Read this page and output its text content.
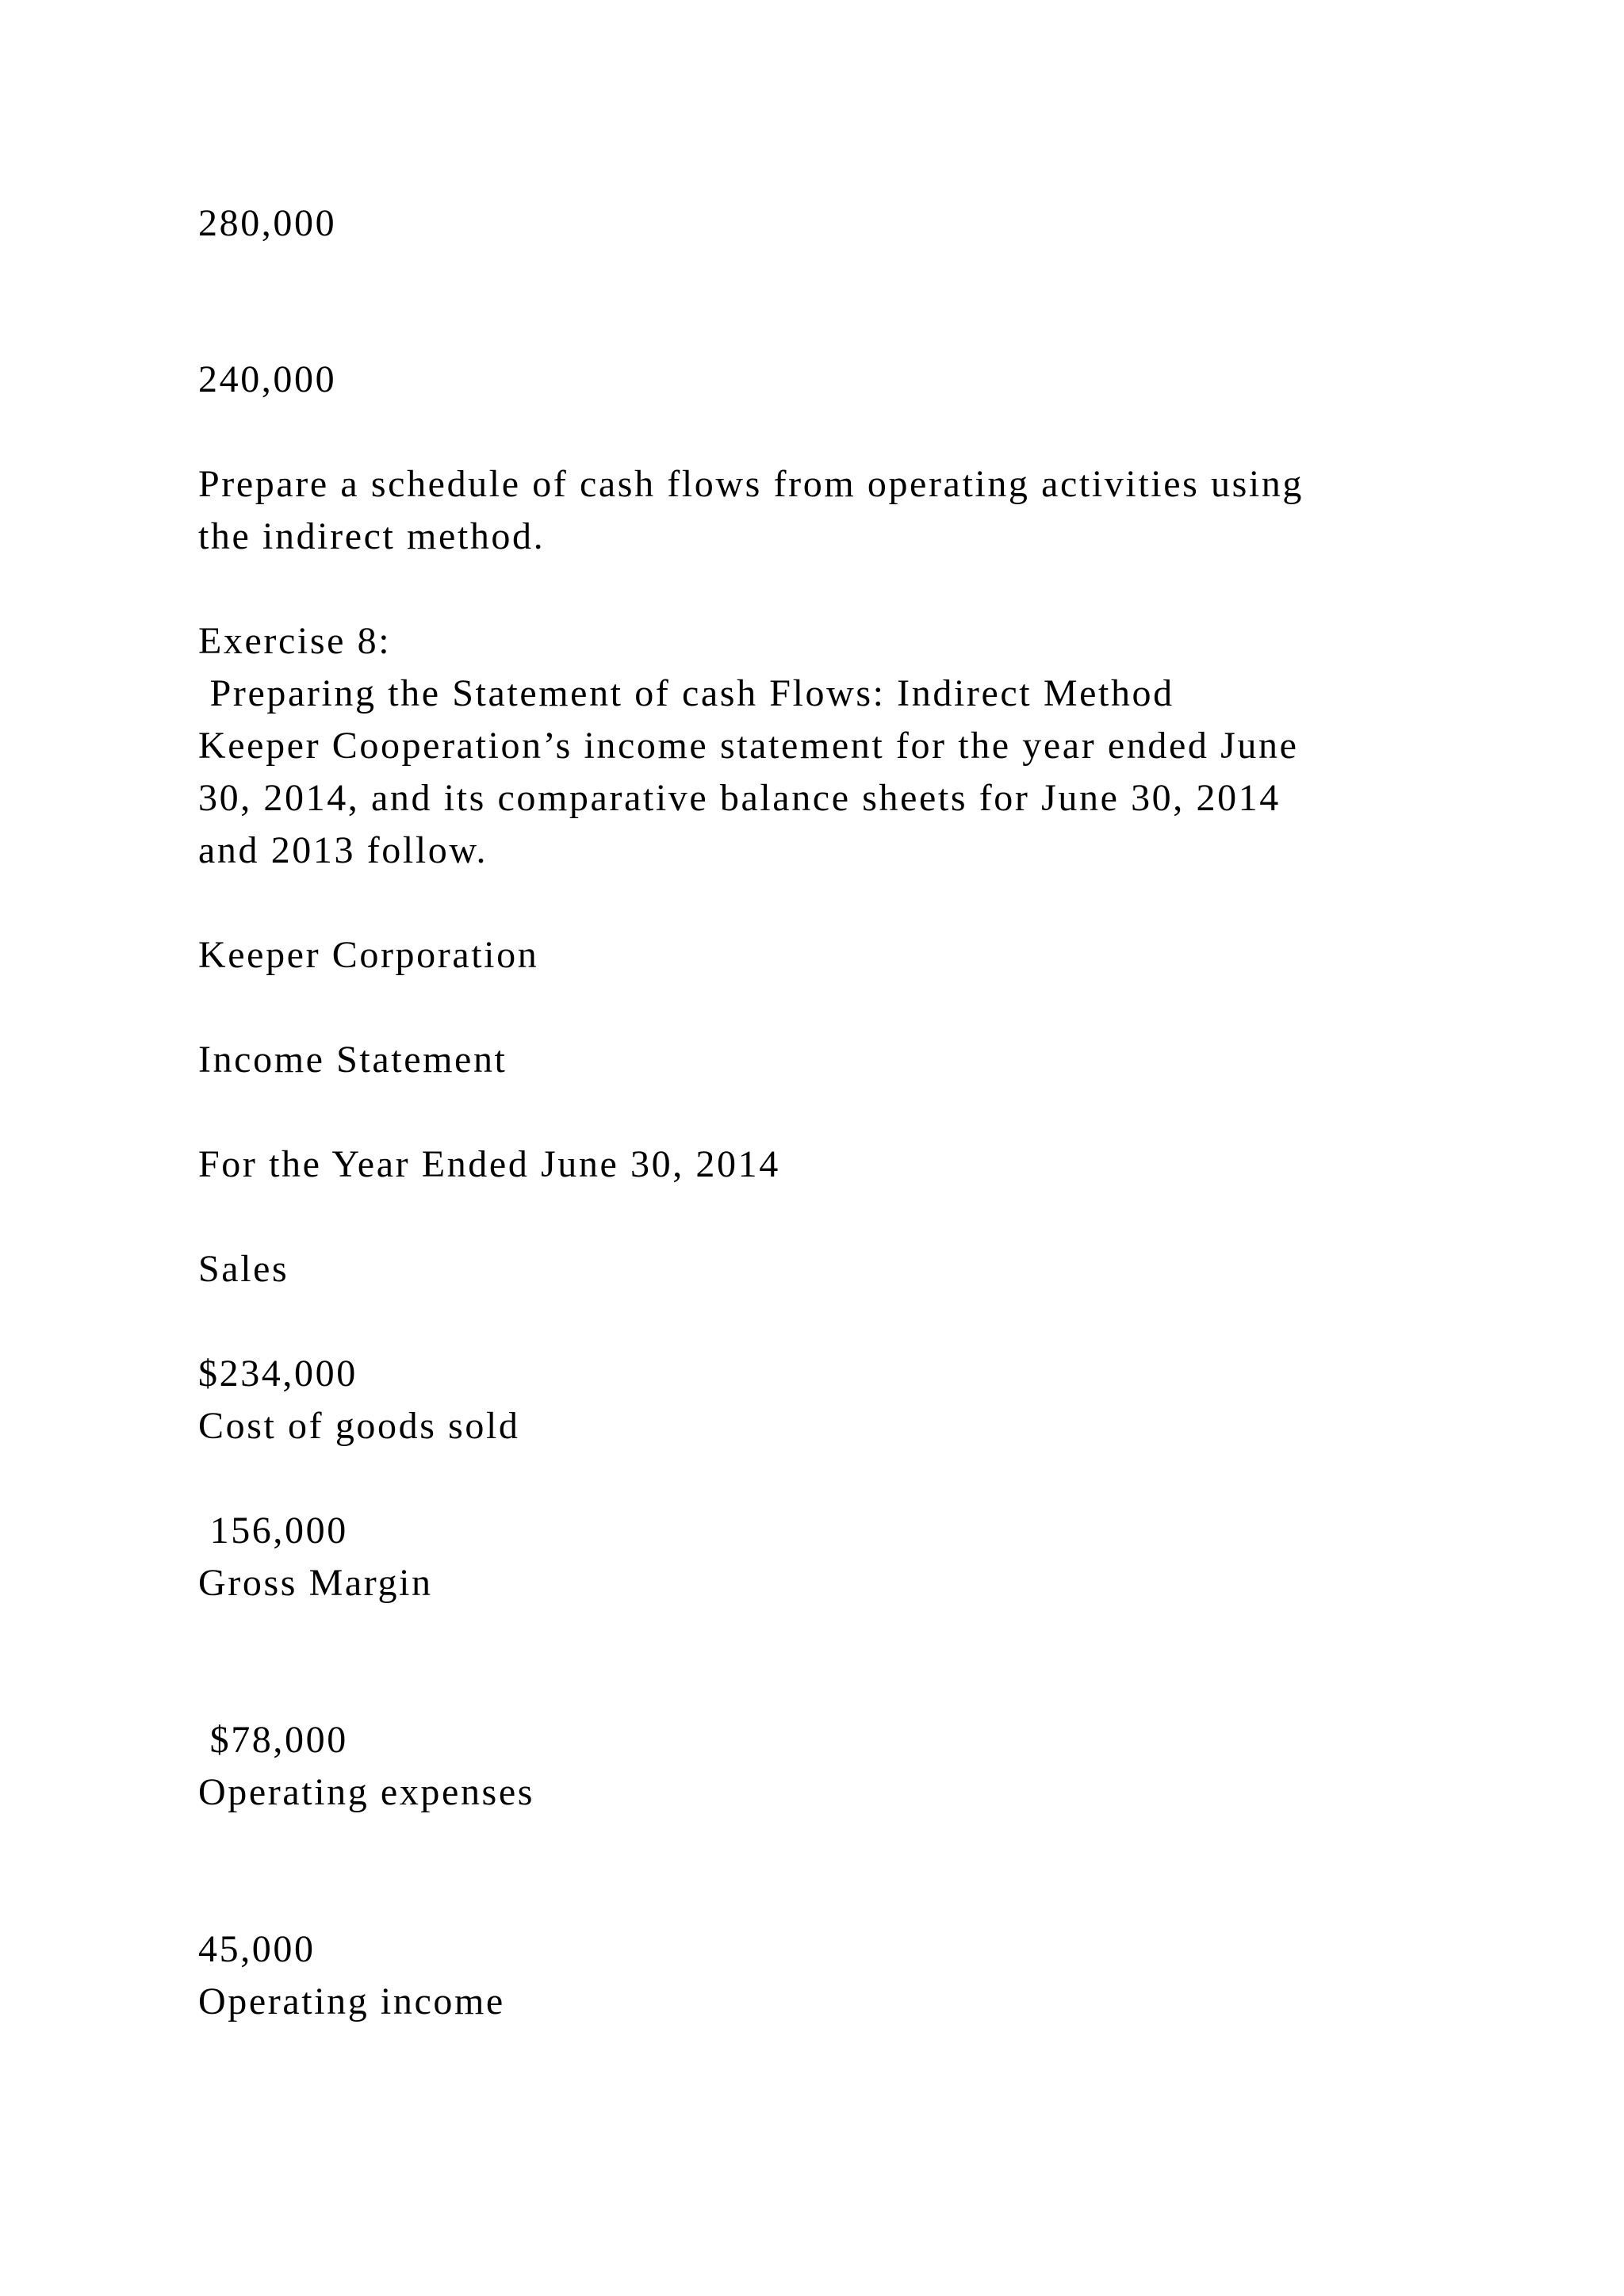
280,000

240,000

Prepare a schedule of cash flows from operating activities using

the indirect method.

Exercise 8:

Preparing the Statement of cash Flows: Indirect Method

Keeper Cooperation’s income statement for the year ended June

30, 2014, and its comparative balance sheets for June 30, 2014

and 2013 follow.

Keeper Corporation

Income Statement

For the Year Ended June 30, 2014

Sales

$234,000

Cost of goods sold

156,000

Gross Margin

$78,000

Operating expenses

45,000

Operating income
